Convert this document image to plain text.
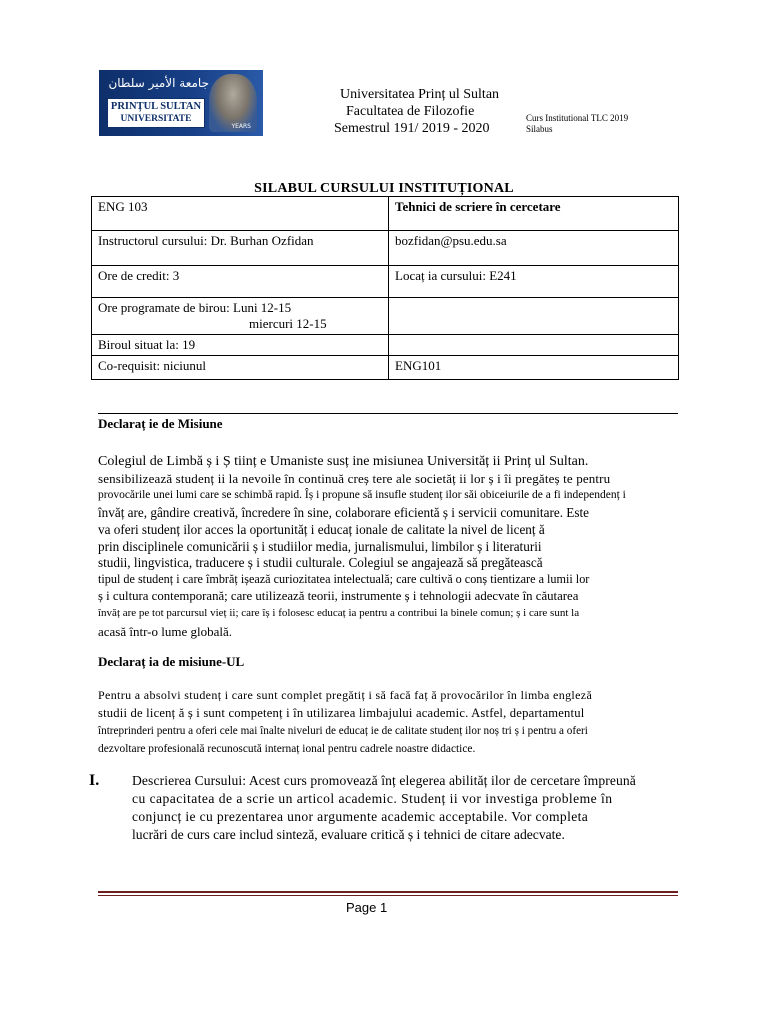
جامعة الأمير سلطان
PRINȚUL SULTAN
UNIVERSITATE
YEARS
Universitatea Prinț ul Sultan
Facultatea de Filozofie
Semestrul 191/ 2019 - 2020
Curs Institutional TLC 2019
Silabus
SILABUL CURSULUI INSTITUȚIONAL
ENG 103	Tehnici de scriere în cercetare
Instructorul cursului: Dr. Burhan Ozfidan	bozfidan@psu.edu.sa
Ore de credit: 3	Locaț ia cursului: E241

Ore programate de birou: Luni 12-15
miercuri 12-15	

Biroul situat la: 19	
Co-requisit: niciunul	ENG101
Declaraț ie de Misiune
Colegiul de Limbă ș i Ș tiinț e Umaniste susț ine misiunea Universităț ii Prinț ul Sultan.
sensibilizează studenț ii la nevoile în continuă creș tere ale societăț ii lor ș i îi pregăteș te pentru
provocările unei lumi care se schimbă rapid. Îș i propune să insufle studenț ilor săi obiceiurile de a fi independenț i
învăț are, gândire creativă, încredere în sine, colaborare eficientă ș i servicii comunitare. Este
va oferi studenț ilor acces la oportunităț i educaț ionale de calitate la nivel de licenț ă
prin disciplinele comunicării ș i studiilor media, jurnalismului, limbilor ș i literaturii
studii, lingvistica, traducere ș i studii culturale. Colegiul se angajează să pregătească
tipul de studenț i care îmbrăț ișează curiozitatea intelectuală; care cultivă o conș tientizare a lumii lor
ș i cultura contemporană; care utilizează teorii, instrumente ș i tehnologii adecvate în căutarea
învăț are pe tot parcursul vieț ii; care îș i folosesc educaț ia pentru a contribui la binele comun; ș i care sunt la
acasă într-o lume globală.
Declaraț ia de misiune-UL
Pentru a absolvi studenț i care sunt complet pregătiț i să facă faț ă provocărilor în limba engleză
studii de licenț ă ș i sunt competenț i în utilizarea limbajului academic. Astfel, departamentul
întreprinderi pentru a oferi cele mai înalte niveluri de educaț ie de calitate studenț ilor noș tri ș i pentru a oferi
dezvoltare profesională recunoscută internaț ional pentru cadrele noastre didactice.
I. Descrierea Cursului: Acest curs promovează înț elegerea abilităț ilor de cercetare împreună
cu capacitatea de a scrie un articol academic. Studenț ii vor investiga probleme în
conjuncț ie cu prezentarea unor argumente academic acceptabile. Vor completa
lucrări de curs care includ sinteză, evaluare critică ș i tehnici de citare adecvate.
Page 1
